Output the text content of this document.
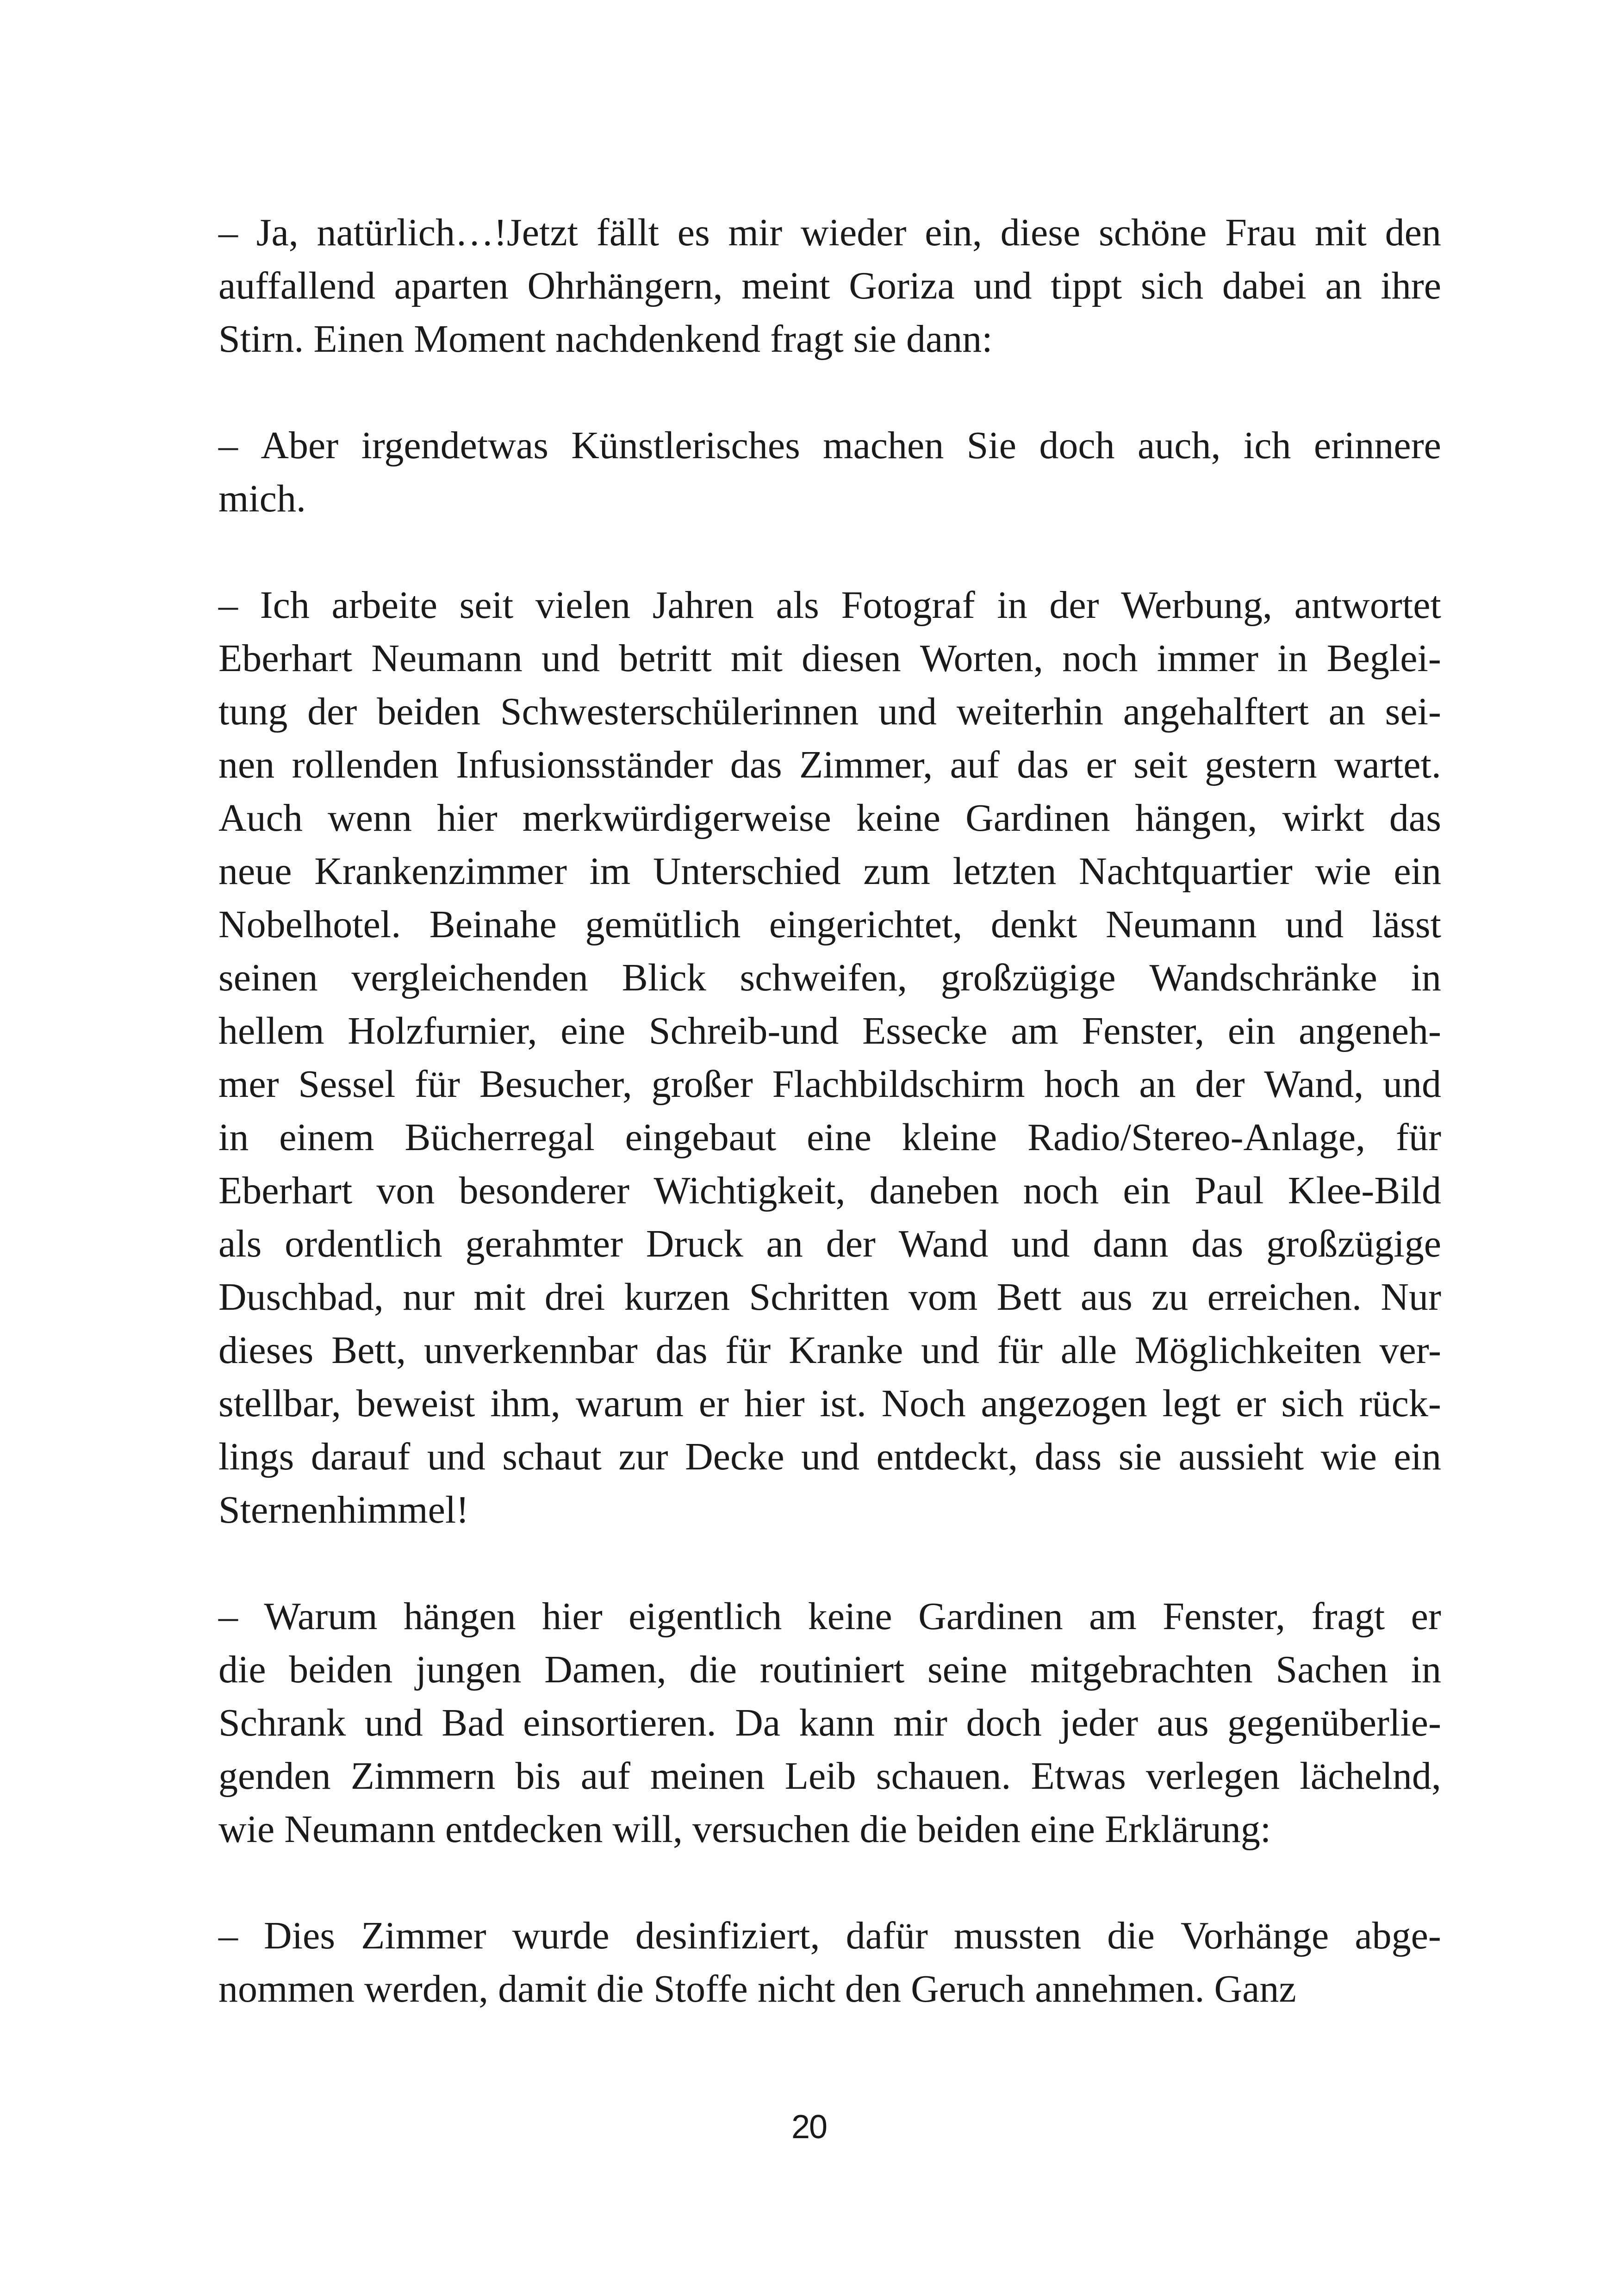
– Ja, natürlich…!Jetzt fällt es mir wieder ein, diese schöne Frau mit den
auffallend aparten Ohrhängern, meint Goriza und tippt sich dabei an ihre
Stirn. Einen Moment nachdenkend fragt sie dann:
– Aber irgendetwas Künstlerisches machen Sie doch auch, ich erinnere
mich.
– Ich arbeite seit vielen Jahren als Fotograf in der Werbung, antwortet
Eberhart Neumann und betritt mit diesen Worten, noch immer in Beglei-
tung der beiden Schwesterschülerinnen und weiterhin angehalftert an sei-
nen rollenden Infusionsständer das Zimmer, auf das er seit gestern wartet.
Auch wenn hier merkwürdigerweise keine Gardinen hängen, wirkt das
neue Krankenzimmer im Unterschied zum letzten Nachtquartier wie ein
Nobelhotel. Beinahe gemütlich eingerichtet, denkt Neumann und lässt
seinen vergleichenden Blick schweifen, großzügige Wandschränke in
hellem Holzfurnier, eine Schreib-und Essecke am Fenster, ein angeneh-
mer Sessel für Besucher, großer Flachbildschirm hoch an der Wand, und
in einem Bücherregal eingebaut eine kleine Radio/Stereo-Anlage, für
Eberhart von besonderer Wichtigkeit, daneben noch ein Paul Klee-Bild
als ordentlich gerahmter Druck an der Wand und dann das großzügige
Duschbad, nur mit drei kurzen Schritten vom Bett aus zu erreichen. Nur
dieses Bett, unverkennbar das für Kranke und für alle Möglichkeiten ver-
stellbar, beweist ihm, warum er hier ist. Noch angezogen legt er sich rück-
lings darauf und schaut zur Decke und entdeckt, dass sie aussieht wie ein
Sternenhimmel!
– Warum hängen hier eigentlich keine Gardinen am Fenster, fragt er
die beiden jungen Damen, die routiniert seine mitgebrachten Sachen in
Schrank und Bad einsortieren. Da kann mir doch jeder aus gegenüberlie-
genden Zimmern bis auf meinen Leib schauen. Etwas verlegen lächelnd,
wie Neumann entdecken will, versuchen die beiden eine Erklärung:
– Dies Zimmer wurde desinfiziert, dafür mussten die Vorhänge abge-
nommen werden, damit die Stoffe nicht den Geruch annehmen. Ganz
20
